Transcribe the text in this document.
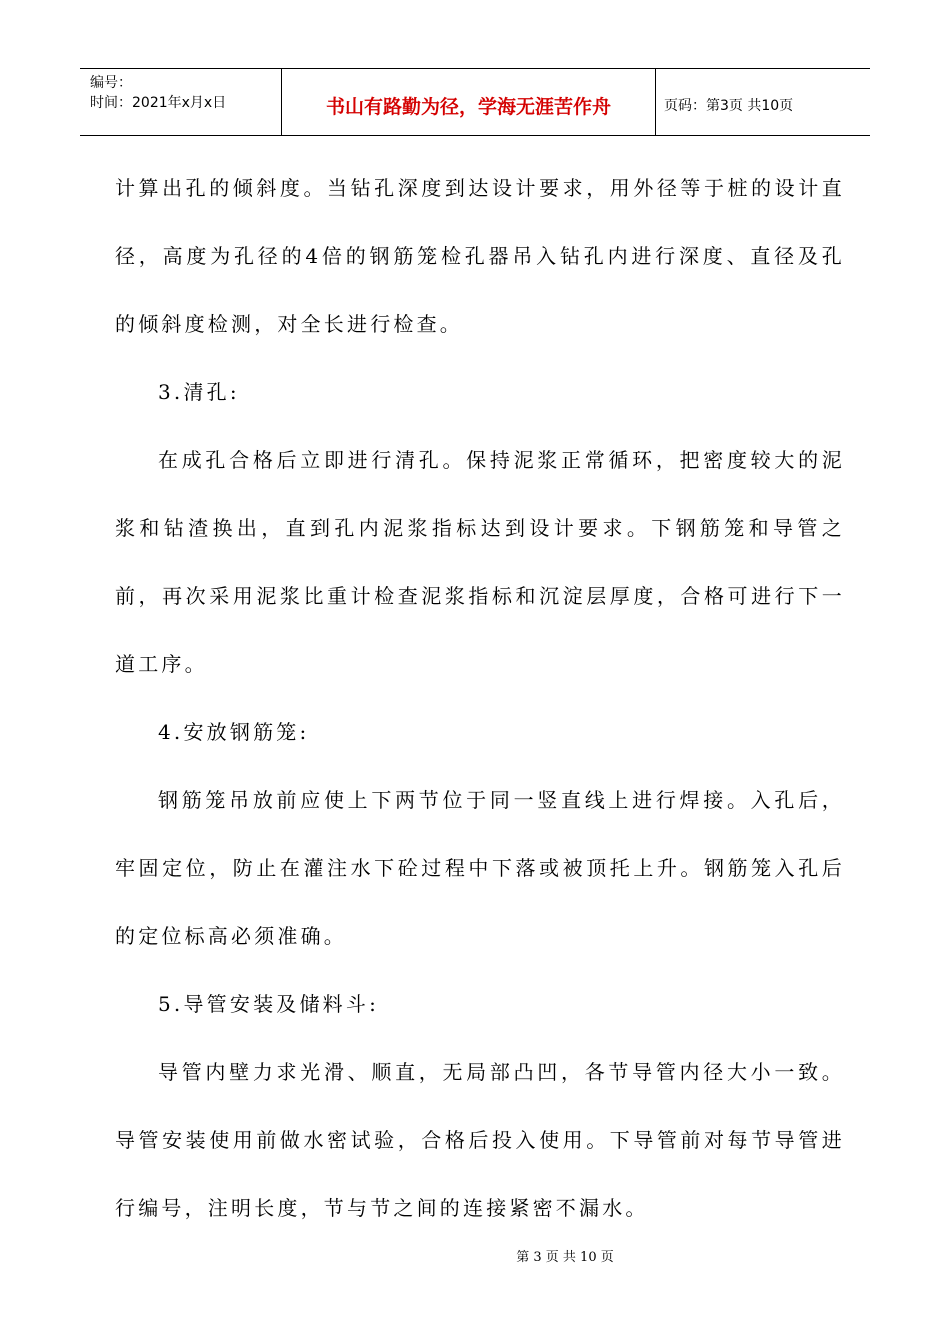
编号：
时间：2021年x月x日	书山有路勤为径，学海无涯苦作舟	页码：第3页 共10页

计算出孔的倾斜度。当钻孔深度到达设计要求，用外径等于桩的设计直径，高度为孔径的4倍的钢筋笼检孔器吊入钻孔内进行深度、直径及孔的倾斜度检测，对全长进行检查。

3.清孔:

在成孔合格后立即进行清孔。保持泥浆正常循环，把密度较大的泥浆和钻渣换出，直到孔内泥浆指标达到设计要求。下钢筋笼和导管之前，再次采用泥浆比重计检查泥浆指标和沉淀层厚度，合格可进行下一道工序。

4.安放钢筋笼:

钢筋笼吊放前应使上下两节位于同一竖直线上进行焊接。入孔后，牢固定位，防止在灌注水下砼过程中下落或被顶托上升。钢筋笼入孔后的定位标高必须准确。

5.导管安装及储料斗:

导管内壁力求光滑、顺直，无局部凸凹，各节导管内径大小一致。导管安装使用前做水密试验，合格后投入使用。下导管前对每节导管进行编号，注明长度，节与节之间的连接紧密不漏水。

第 3 页 共 10 页
